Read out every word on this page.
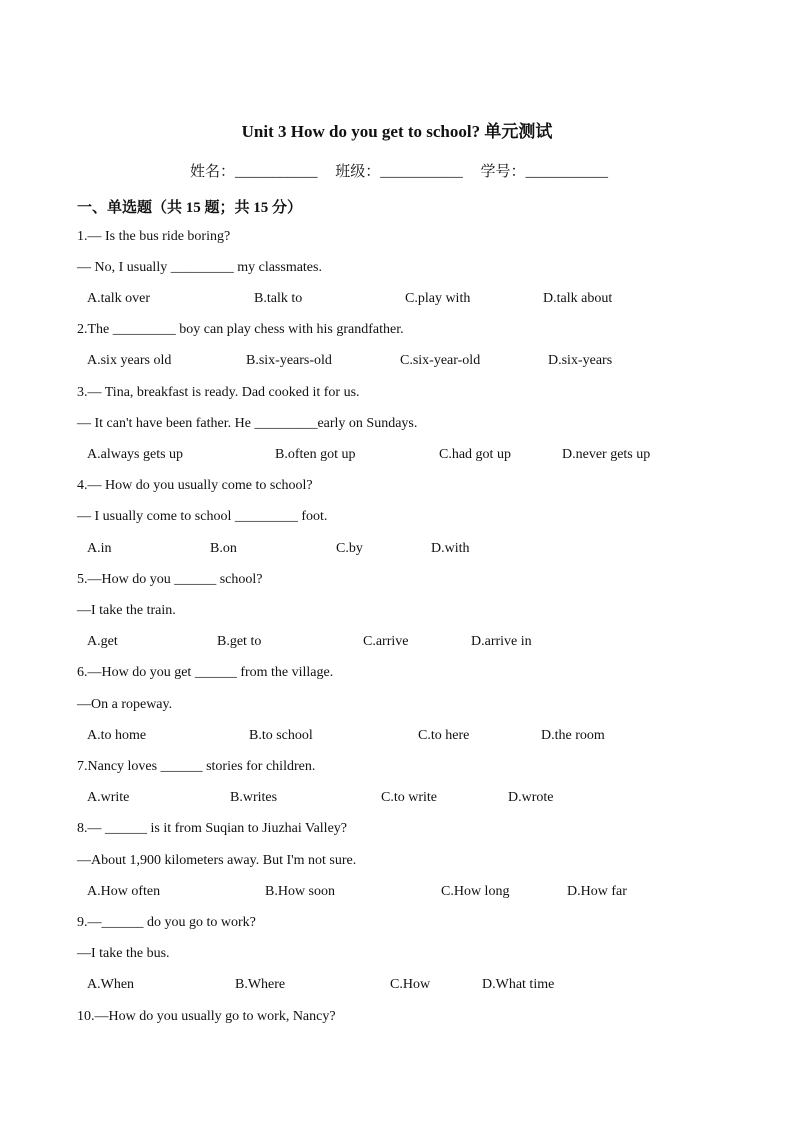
Unit 3 How do you get to school? 单元测试
姓名：___________ 班级：___________ 学号：___________
一、单选题（共 15 题；共 15 分）
1.— Is the bus ride boring?
— No, I usually _________ my classmates.
A.talk over	B.talk to	C.play with	D.talk about
2.The _________ boy can play chess with his grandfather.
A.six years old	B.six-years-old	C.six-year-old	D.six-years
3.— Tina, breakfast is ready. Dad cooked it for us.
— It can't have been father. He _________early on Sundays.
A.always gets up	B.often got up	C.had got up	D.never gets up
4.— How do you usually come to school?
— I usually come to school _________ foot.
A.in	B.on	C.by	D.with
5.—How do you ______ school?
—I take the train.
A.get	B.get to	C.arrive	D.arrive in
6.—How do you get ______ from the village.
—On a ropeway.
A.to home	B.to school	C.to here	D.the room
7.Nancy loves ______ stories for children.
A.write	B.writes	C.to write	D.wrote
8.— ______ is it from Suqian to Jiuzhai Valley?
—About 1,900 kilometers away. But I'm not sure.
A.How often	B.How soon	C.How long	D.How far
9.—______ do you go to work?
—I take the bus.
A.When	B.Where	C.How	D.What time
10.—How do you usually go to work, Nancy?
